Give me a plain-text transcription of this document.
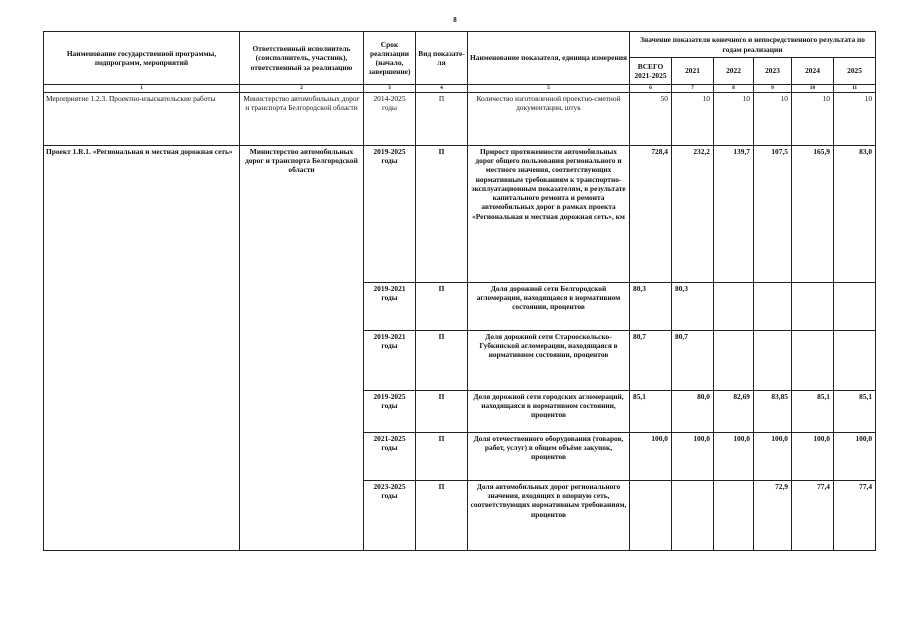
8
Наименование государственной программы, подпрограмм, мероприятий	Ответственный исполнитель (соисполнитель, участник), ответственный за реализацию	Срок реализации (начало, завершение)	Вид показате-ля	Наименование показателя, единица измерения	Значение показателя конечного и непосредственного результата по годам реализации					
					ВСЕГО 2021-2025	2021	2022	2023	2024	2025
1	2	3	4	5	6	7	8	9	10	11
Мероприятие 1.2.3. Проектно-изыскательские работы	Министерство автомобильных дорог и транспорта Белгородской области	2014-2025 годы	П	Количество изготовленной проектно-сметной документации, штук	50	10	10	10	10	10
Проект 1.R.1. «Региональная и местная дорожная сеть»	Министерство автомобильных дорог и транспорта Белгородской области	2019-2025 годы	П	Прирост протяженности автомобильных дорог общего пользования регионального и местного значения, соответствующих нормативным требованиям к транспортно-эксплуатационным показателям, в результате капитального ремонта и ремонта автомобильных дорог в рамках проекта «Региональная и местная дорожная сеть», км	728,4	232,2	139,7	107,5	165,9	83,0
		2019-2021 годы	П	Доля дорожной сети Белгородской агломерации, находящаяся в нормативном состоянии, процентов	80,3	80,3				
		2019-2021 годы	П	Доля дорожной сети Старооскольско-Губкинской агломерации, находящаяся в нормативном состоянии, процентов	80,7	80,7				
		2019-2025 годы	П	Доля дорожной сети городских агломераций, находящаяся в нормативном состоянии, процентов	85,1	80,0	82,69	83,85	85,1	85,1
		2021-2025 годы	П	Доля отечественного оборудования (товаров, работ, услуг) в общем объёме закупок, процентов	100,0	100,0	100,0	100,0	100,0	100,0
		2023-2025 годы	П	Доля автомобильных дорог регионального значения, входящих в опорную сеть, соответствующих нормативным требованиям, процентов				72,9	77,4	77,4
